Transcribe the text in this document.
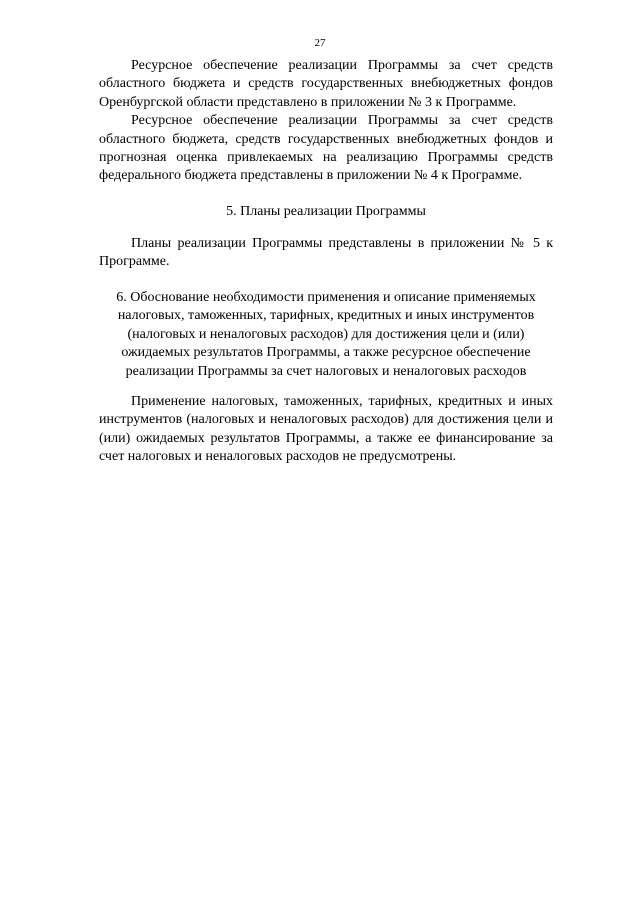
27

Ресурсное обеспечение реализации Программы за счет средств областного бюджета и средств государственных внебюджетных фондов Оренбургской области представлено в приложении № 3 к Программе.

Ресурсное обеспечение реализации Программы за счет средств областного бюджета, средств государственных внебюджетных фондов и прогнозная оценка привлекаемых на реализацию Программы средств федерального бюджета представлены в приложении № 4 к Программе.

5. Планы реализации Программы

Планы реализации Программы представлены в приложении № 5 к Программе.

6. Обоснование необходимости применения и описание применяемых
налоговых, таможенных, тарифных, кредитных и иных инструментов
(налоговых и неналоговых расходов) для достижения цели и (или)
ожидаемых результатов Программы, а также ресурсное обеспечение
реализации Программы за счет налоговых и неналоговых расходов

Применение налоговых, таможенных, тарифных, кредитных и иных инструментов (налоговых и неналоговых расходов) для достижения цели и (или) ожидаемых результатов Программы, а также ее финансирование за счет налоговых и неналоговых расходов не предусмотрены.
